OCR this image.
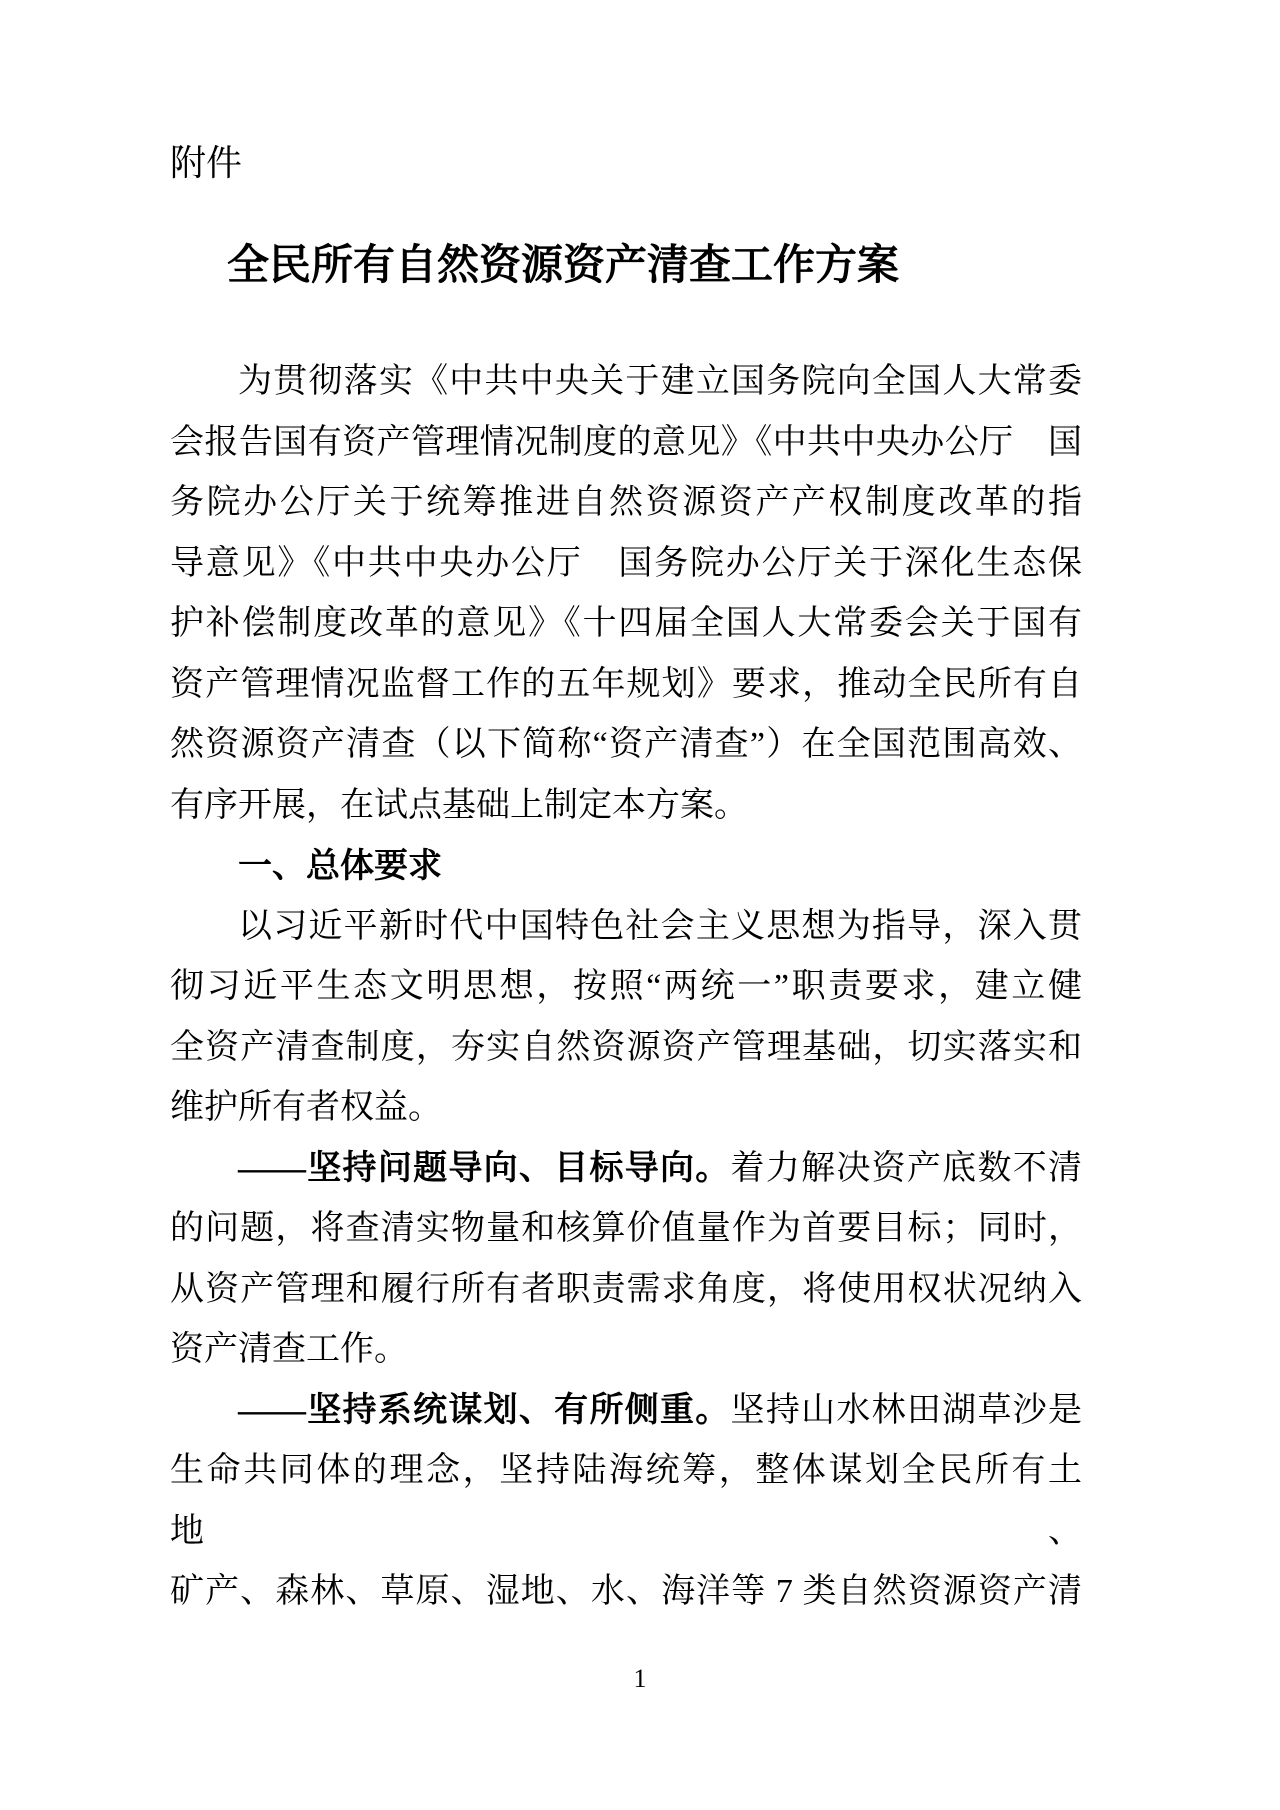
附件
全民所有自然资源资产清查工作方案
为贯彻落实《中共中央关于建立国务院向全国人大常委
会报告国有资产管理情况制度的意见》《中共中央办公厅　国
务院办公厅关于统筹推进自然资源资产产权制度改革的指
导意见》《中共中央办公厅　国务院办公厅关于深化生态保
护补偿制度改革的意见》《十四届全国人大常委会关于国有
资产管理情况监督工作的五年规划》要求，推动全民所有自
然资源资产清查（以下简称“资产清查”）在全国范围高效、
有序开展，在试点基础上制定本方案。
一、总体要求
以习近平新时代中国特色社会主义思想为指导，深入贯
彻习近平生态文明思想，按照“两统一”职责要求，建立健
全资产清查制度，夯实自然资源资产管理基础，切实落实和
维护所有者权益。
——坚持问题导向、目标导向。着力解决资产底数不清
的问题，将查清实物量和核算价值量作为首要目标；同时，
从资产管理和履行所有者职责需求角度，将使用权状况纳入
资产清查工作。
——坚持系统谋划、有所侧重。坚持山水林田湖草沙是
生命共同体的理念，坚持陆海统筹，整体谋划全民所有土地、
矿产、森林、草原、湿地、水、海洋等 7 类自然资源资产清
1
